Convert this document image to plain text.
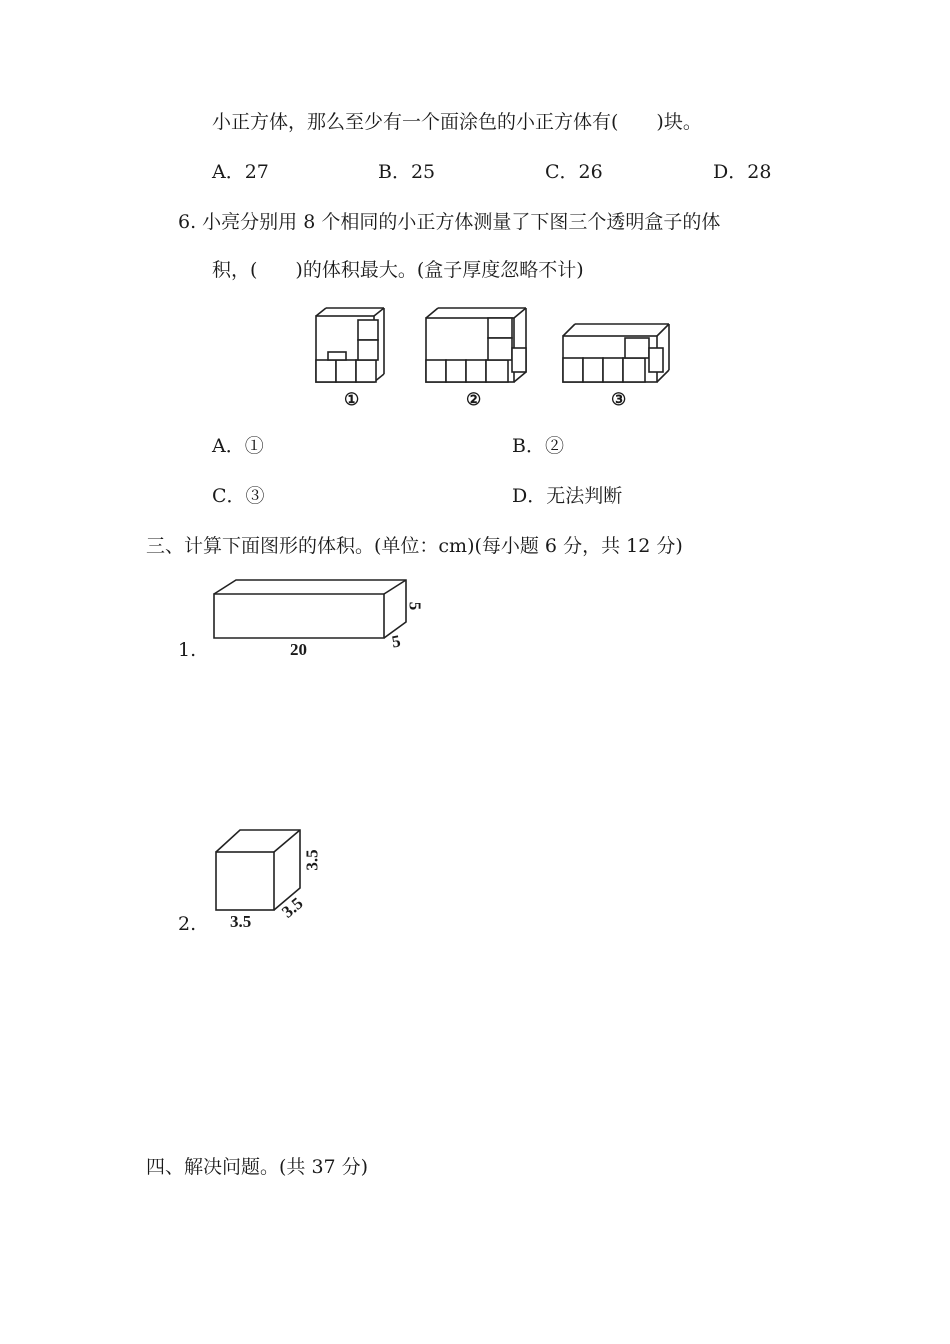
小正方体，那么至少有一个面涂色的小正方体有(　　)块。
A．27	B．25	C．26	D．28
6. 小亮分别用 8 个相同的小正方体测量了下图三个透明盒子的体
积，(　　)的体积最大。(盒子厚度忽略不计)
①	②	③
A．①	B．②
C．③	D．无法判断
三、计算下面图形的体积。(单位：cm)(每小题 6 分，共 12 分)
1.	20	5
5
2. 3.5 3.5
3.5
四、解决问题。(共 37 分)
